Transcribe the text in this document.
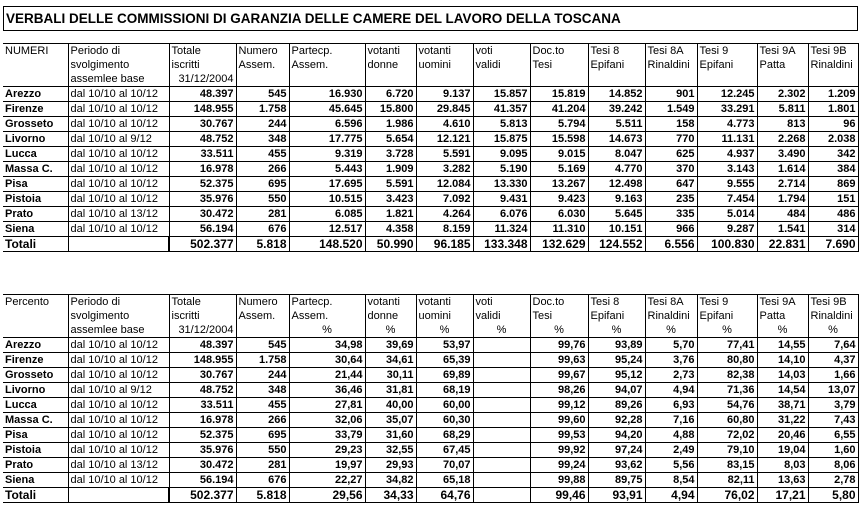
VERBALI DELLE COMMISSIONI DI GARANZIA DELLE CAMERE DEL LAVORO DELLA TOSCANA
NUMERI	Periodo di	Totale	Numero	Partecp.	votanti	votanti	voti	Doc.to	Tesi 8	Tesi 8A	Tesi 9	Tesi 9A	Tesi 9B
	svolgimento	iscritti	Assem.	Assem.	donne	uomini	validi	Tesi	Epifani	Rinaldini	Epifani	Patta	Rinaldini
	assemlee base	31/12/2004											
Arezzo	dal 10/10 al 10/12	48.397	545	16.930	6.720	9.137	15.857	15.819	14.852	901	12.245	2.302	1.209
Firenze	dal 10/10 al 10/12	148.955	1.758	45.645	15.800	29.845	41.357	41.204	39.242	1.549	33.291	5.811	1.801
Grosseto	dal 10/10 al 10/12	30.767	244	6.596	1.986	4.610	5.813	5.794	5.511	158	4.773	813	96
Livorno	dal 10/10 al 9/12	48.752	348	17.775	5.654	12.121	15.875	15.598	14.673	770	11.131	2.268	2.038
Lucca	dal 10/10 al 10/12	33.511	455	9.319	3.728	5.591	9.095	9.015	8.047	625	4.937	3.490	342
Massa C.	dal 10/10 al 10/12	16.978	266	5.443	1.909	3.282	5.190	5.169	4.770	370	3.143	1.614	384
Pisa	dal 10/10 al 10/12	52.375	695	17.695	5.591	12.084	13.330	13.267	12.498	647	9.555	2.714	869
Pistoia	dal 10/10 al 10/12	35.976	550	10.515	3.423	7.092	9.431	9.423	9.163	235	7.454	1.794	151
Prato	dal 10/10 al 13/12	30.472	281	6.085	1.821	4.264	6.076	6.030	5.645	335	5.014	484	486
Siena	dal 10/10 al 10/12	56.194	676	12.517	4.358	8.159	11.324	11.310	10.151	966	9.287	1.541	314
Totali		502.377	5.818	148.520	50.990	96.185	133.348	132.629	124.552	6.556	100.830	22.831	7.690
Percento	Periodo di	Totale	Numero	Partecp.	votanti	votanti	voti	Doc.to	Tesi 8	Tesi 8A	Tesi 9	Tesi 9A	Tesi 9B
	svolgimento	iscritti	Assem.	Assem.	donne	uomini	validi	Tesi	Epifani	Rinaldini	Epifani	Patta	Rinaldini
	assemlee base	31/12/2004		%	%	%	%	%	%	%	%	%	%
Arezzo	dal 10/10 al 10/12	48.397	545	34,98	39,69	53,97		99,76	93,89	5,70	77,41	14,55	7,64
Firenze	dal 10/10 al 10/12	148.955	1.758	30,64	34,61	65,39		99,63	95,24	3,76	80,80	14,10	4,37
Grosseto	dal 10/10 al 10/12	30.767	244	21,44	30,11	69,89		99,67	95,12	2,73	82,38	14,03	1,66
Livorno	dal 10/10 al 9/12	48.752	348	36,46	31,81	68,19		98,26	94,07	4,94	71,36	14,54	13,07
Lucca	dal 10/10 al 10/12	33.511	455	27,81	40,00	60,00		99,12	89,26	6,93	54,76	38,71	3,79
Massa C.	dal 10/10 al 10/12	16.978	266	32,06	35,07	60,30		99,60	92,28	7,16	60,80	31,22	7,43
Pisa	dal 10/10 al 10/12	52.375	695	33,79	31,60	68,29		99,53	94,20	4,88	72,02	20,46	6,55
Pistoia	dal 10/10 al 10/12	35.976	550	29,23	32,55	67,45		99,92	97,24	2,49	79,10	19,04	1,60
Prato	dal 10/10 al 13/12	30.472	281	19,97	29,93	70,07		99,24	93,62	5,56	83,15	8,03	8,06
Siena	dal 10/10 al 10/12	56.194	676	22,27	34,82	65,18		99,88	89,75	8,54	82,11	13,63	2,78
Totali		502.377	5.818	29,56	34,33	64,76		99,46	93,91	4,94	76,02	17,21	5,80
